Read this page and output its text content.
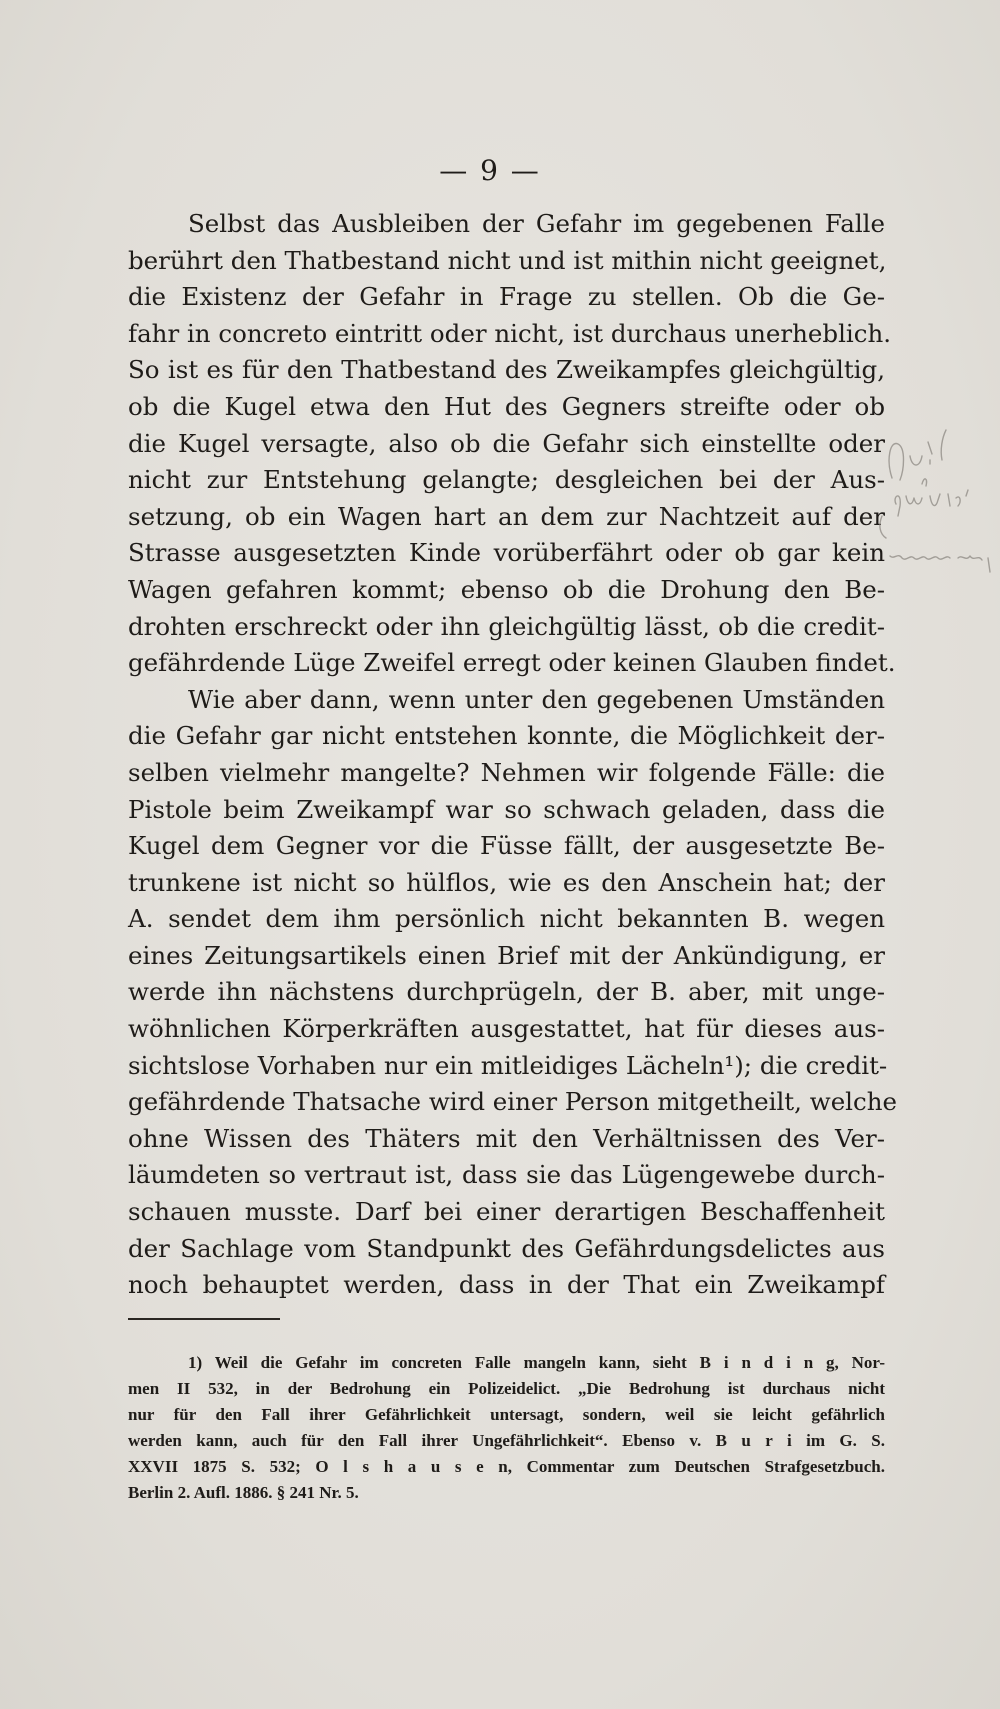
— 9 —
Selbst das Ausbleiben der Gefahr im gegebenen Falle
berührt den Thatbestand nicht und ist mithin nicht geeignet,
die Existenz der Gefahr in Frage zu stellen. Ob die Ge-
fahr in concreto eintritt oder nicht, ist durchaus unerheblich.
So ist es für den Thatbestand des Zweikampfes gleichgültig,
ob die Kugel etwa den Hut des Gegners streifte oder ob
die Kugel versagte, also ob die Gefahr sich einstellte oder
nicht zur Entstehung gelangte; desgleichen bei der Aus-
setzung, ob ein Wagen hart an dem zur Nachtzeit auf der
Strasse ausgesetzten Kinde vorüberfährt oder ob gar kein
Wagen gefahren kommt; ebenso ob die Drohung den Be-
drohten erschreckt oder ihn gleichgültig lässt, ob die credit-
gefährdende Lüge Zweifel erregt oder keinen Glauben findet.
Wie aber dann, wenn unter den gegebenen Umständen
die Gefahr gar nicht entstehen konnte, die Möglichkeit der-
selben vielmehr mangelte? Nehmen wir folgende Fälle: die
Pistole beim Zweikampf war so schwach geladen, dass die
Kugel dem Gegner vor die Füsse fällt, der ausgesetzte Be-
trunkene ist nicht so hülflos, wie es den Anschein hat; der
A. sendet dem ihm persönlich nicht bekannten B. wegen
eines Zeitungsartikels einen Brief mit der Ankündigung, er
werde ihn nächstens durchprügeln, der B. aber, mit unge-
wöhnlichen Körperkräften ausgestattet, hat für dieses aus-
sichtslose Vorhaben nur ein mitleidiges Lächeln¹); die credit-
gefährdende Thatsache wird einer Person mitgetheilt, welche
ohne Wissen des Thäters mit den Verhältnissen des Ver-
läumdeten so vertraut ist, dass sie das Lügengewebe durch-
schauen musste. Darf bei einer derartigen Beschaffenheit
der Sachlage vom Standpunkt des Gefährdungsdelictes aus
noch behauptet werden, dass in der That ein Zweikampf
1) Weil die Gefahr im concreten Falle mangeln kann, sieht B i n d i n g, Nor-
men II 532, in der Bedrohung ein Polizeidelict. „Die Bedrohung ist durchaus nicht
nur für den Fall ihrer Gefährlichkeit untersagt, sondern, weil sie leicht gefährlich
werden kann, auch für den Fall ihrer Ungefährlichkeit“. Ebenso v. B u r i im G. S.
XXVII 1875 S. 532; O l s h a u s e n, Commentar zum Deutschen Strafgesetzbuch.
Berlin 2. Aufl. 1886. § 241 Nr. 5.
